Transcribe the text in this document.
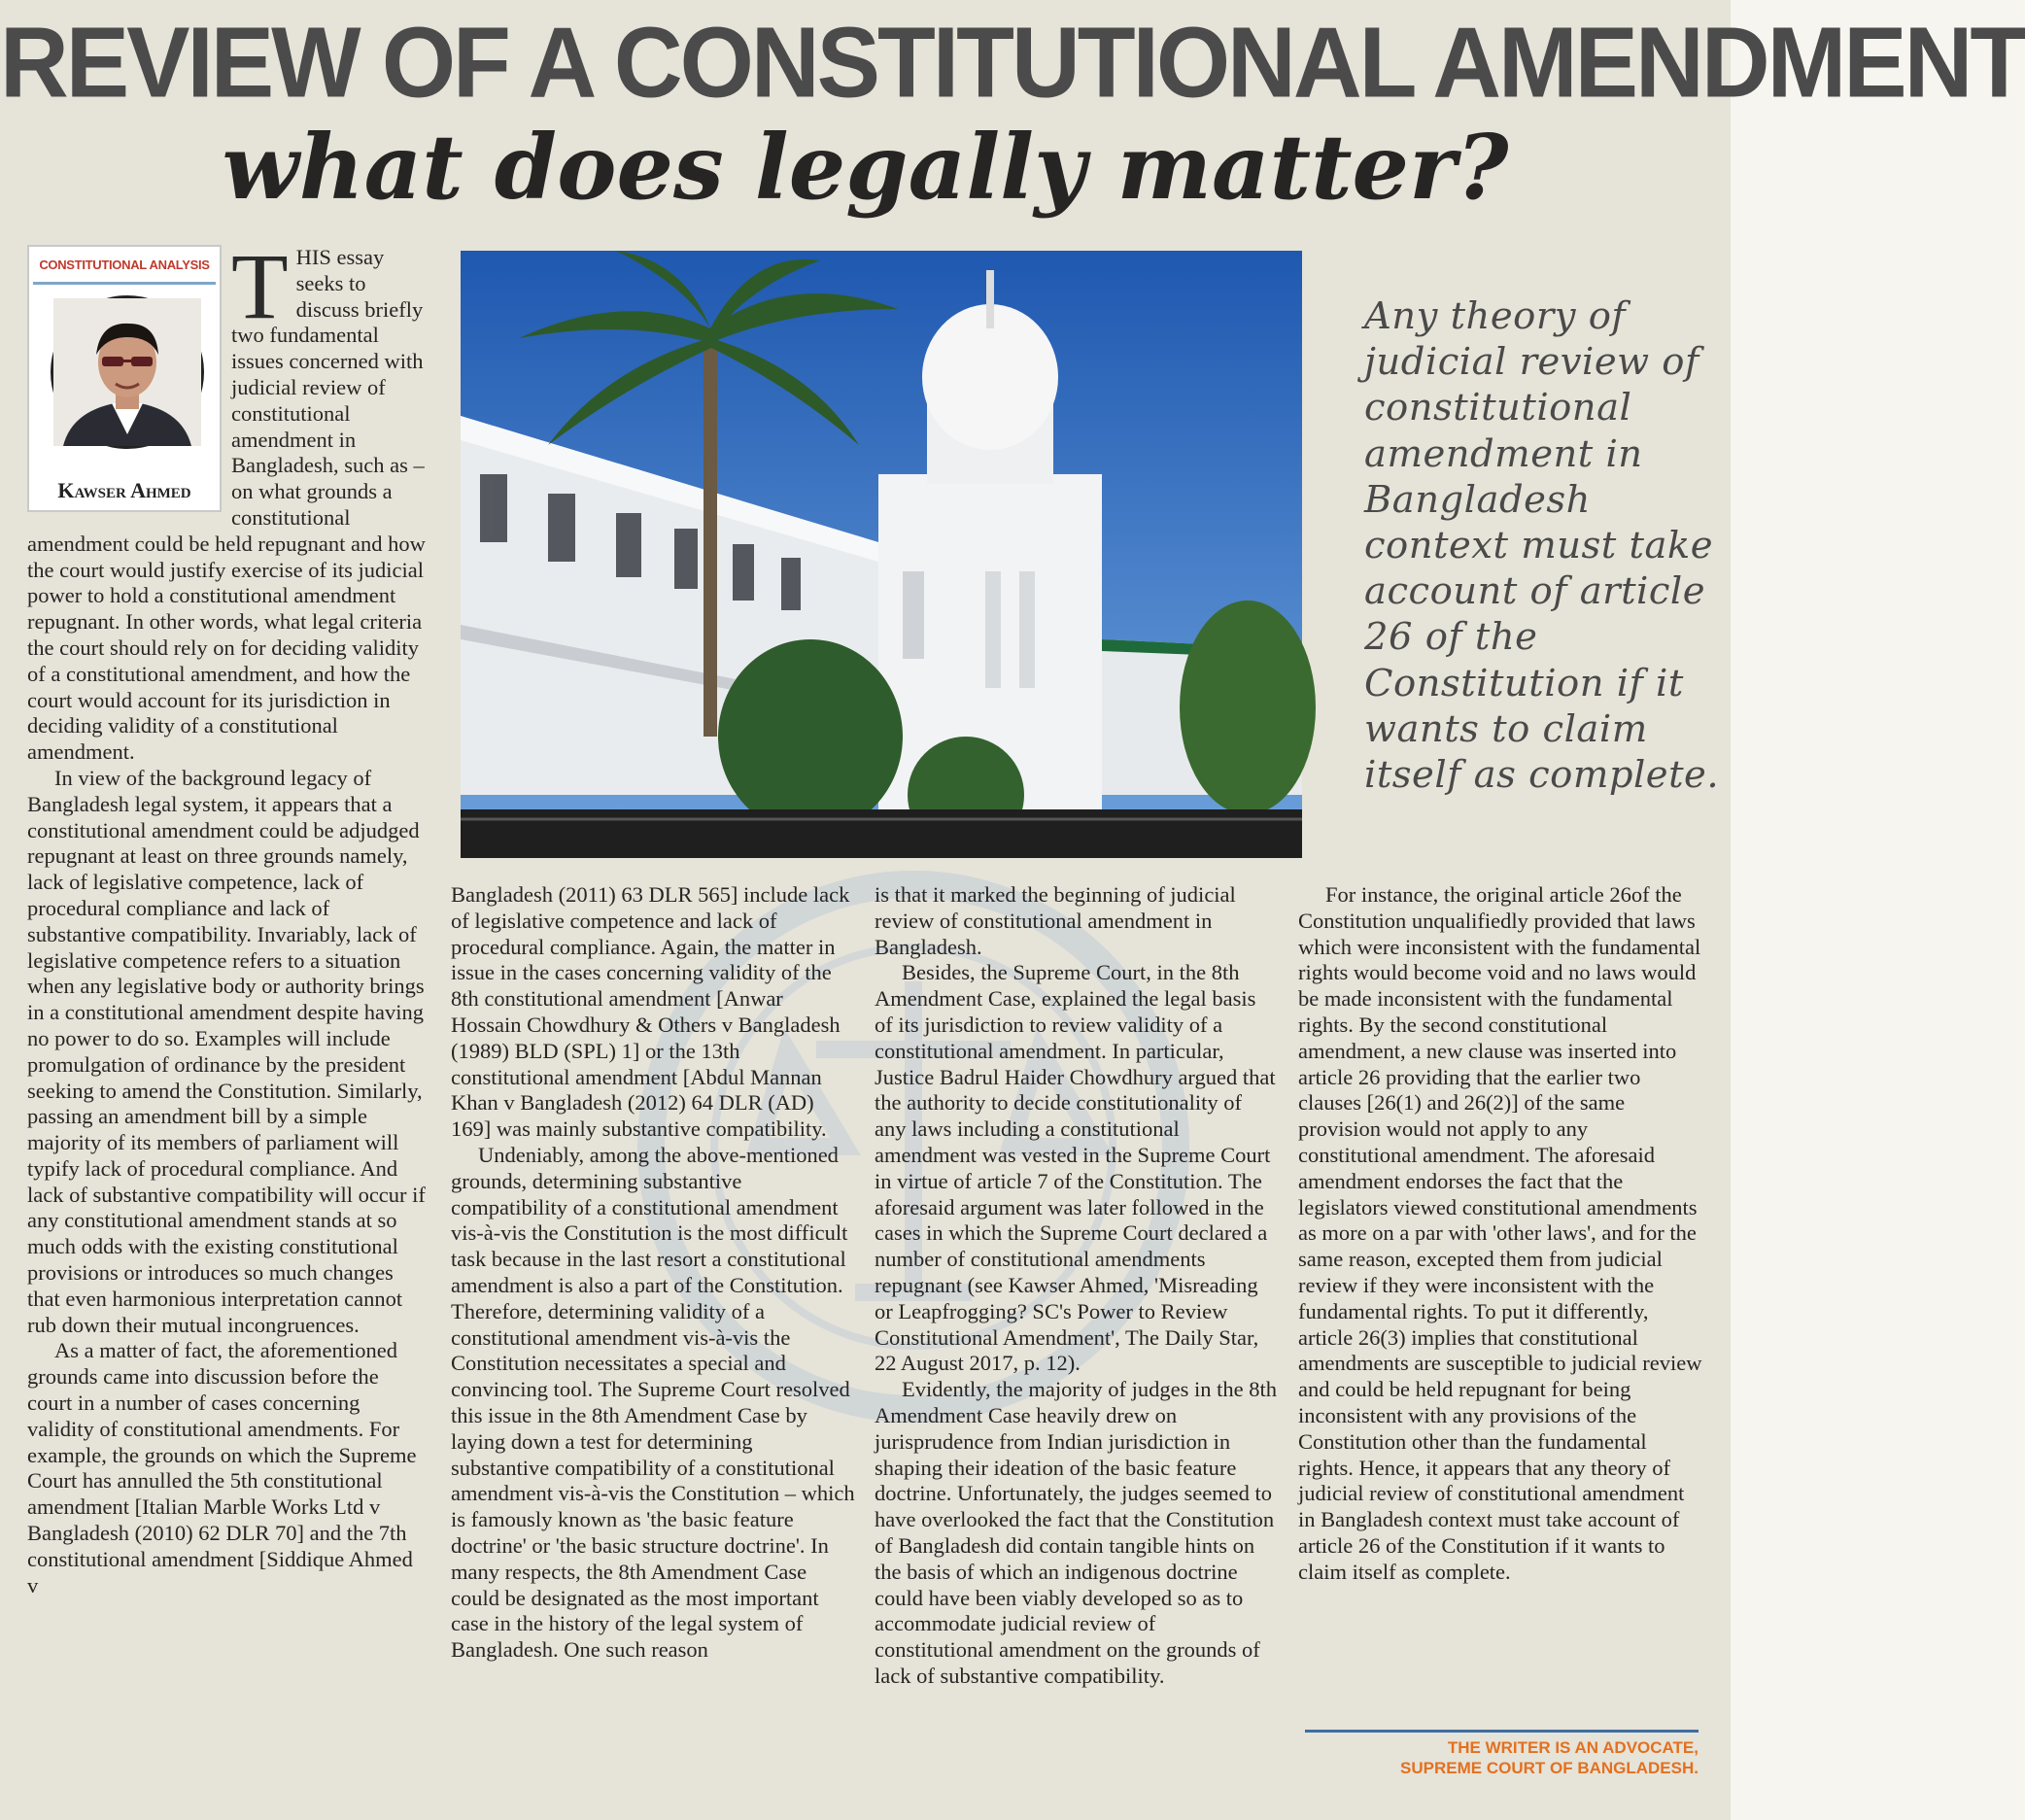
REVIEW OF A CONSTITUTIONAL AMENDMENT
what does legally matter?
CONSTITUTIONAL ANALYSIS
Kawser Ahmed
T HIS essay seeks to discuss briefly two fundamental issues concerned with judicial review of constitutional amendment in Bangladesh, such as – on what grounds a constitutional amendment could be held repugnant and how the court would justify exercise of its judicial power to hold a constitutional amendment repugnant. In other words, what legal criteria the court should rely on for deciding validity of a constitutional amendment, and how the court would account for its jurisdiction in deciding validity of a constitutional amendment.

In view of the background legacy of Bangladesh legal system, it appears that a constitutional amendment could be adjudged repugnant at least on three grounds namely, lack of legislative competence, lack of procedural compliance and lack of substantive compatibility. Invariably, lack of legislative competence refers to a situation when any legislative body or authority brings in a constitutional amendment despite having no power to do so. Examples will include promulgation of ordinance by the president seeking to amend the Constitution. Similarly, passing an amendment bill by a simple majority of its members of parliament will typify lack of procedural compliance. And lack of substantive compatibility will occur if any constitutional amendment stands at so much odds with the existing constitutional provisions or introduces so much changes that even harmonious interpretation cannot rub down their mutual incongruences.

As a matter of fact, the aforementioned grounds came into discussion before the court in a number of cases concerning validity of constitutional amendments. For example, the grounds on which the Supreme Court has annulled the 5th constitutional amendment [Italian Marble Works Ltd v Bangladesh (2010) 62 DLR 70] and the 7th constitutional amendment [Siddique Ahmed v

Any theory of judicial review of constitutional amendment in Bangladesh context must take account of article 26 of the Constitution if it wants to claim itself as complete.

Bangladesh (2011) 63 DLR 565] include lack of legislative competence and lack of procedural compliance. Again, the matter in issue in the cases concerning validity of the 8th constitutional amendment [Anwar Hossain Chowdhury & Others v Bangladesh (1989) BLD (SPL) 1] or the 13th constitutional amendment [Abdul Mannan Khan v Bangladesh (2012) 64 DLR (AD) 169] was mainly substantive compatibility.

Undeniably, among the above-mentioned grounds, determining substantive compatibility of a constitutional amendment vis-à-vis the Constitution is the most difficult task because in the last resort a constitutional amendment is also a part of the Constitution. Therefore, determining validity of a constitutional amendment vis-à-vis the Constitution necessitates a special and convincing tool. The Supreme Court resolved this issue in the 8th Amendment Case by laying down a test for determining substantive compatibility of a constitutional amendment vis-à-vis the Constitution – which is famously known as 'the basic feature doctrine' or 'the basic structure doctrine'. In many respects, the 8th Amendment Case could be designated as the most important case in the history of the legal system of Bangladesh. One such reason

is that it marked the beginning of judicial review of constitutional amendment in Bangladesh.

Besides, the Supreme Court, in the 8th Amendment Case, explained the legal basis of its jurisdiction to review validity of a constitutional amendment. In particular, Justice Badrul Haider Chowdhury argued that the authority to decide constitutionality of any laws including a constitutional amendment was vested in the Supreme Court in virtue of article 7 of the Constitution. The aforesaid argument was later followed in the cases in which the Supreme Court declared a number of constitutional amendments repugnant (see Kawser Ahmed, 'Misreading or Leapfrogging? SC's Power to Review Constitutional Amendment', The Daily Star, 22 August 2017, p. 12).

Evidently, the majority of judges in the 8th Amendment Case heavily drew on jurisprudence from Indian jurisdiction in shaping their ideation of the basic feature doctrine. Unfortunately, the judges seemed to have overlooked the fact that the Constitution of Bangladesh did contain tangible hints on the basis of which an indigenous doctrine could have been viably developed so as to accommodate judicial review of constitutional amendment on the grounds of lack of substantive compatibility.

For instance, the original article 26of the Constitution unqualifiedly provided that laws which were inconsistent with the fundamental rights would become void and no laws would be made inconsistent with the fundamental rights. By the second constitutional amendment, a new clause was inserted into article 26 providing that the earlier two clauses [26(1) and 26(2)] of the same provision would not apply to any constitutional amendment. The aforesaid amendment endorses the fact that the legislators viewed constitutional amendments as more on a par with 'other laws', and for the same reason, excepted them from judicial review if they were inconsistent with the fundamental rights. To put it differently, article 26(3) implies that constitutional amendments are susceptible to judicial review and could be held repugnant for being inconsistent with any provisions of the Constitution other than the fundamental rights. Hence, it appears that any theory of judicial review of constitutional amendment in Bangladesh context must take account of article 26 of the Constitution if it wants to claim itself as complete.

THE WRITER IS AN ADVOCATE,
SUPREME COURT OF BANGLADESH.
